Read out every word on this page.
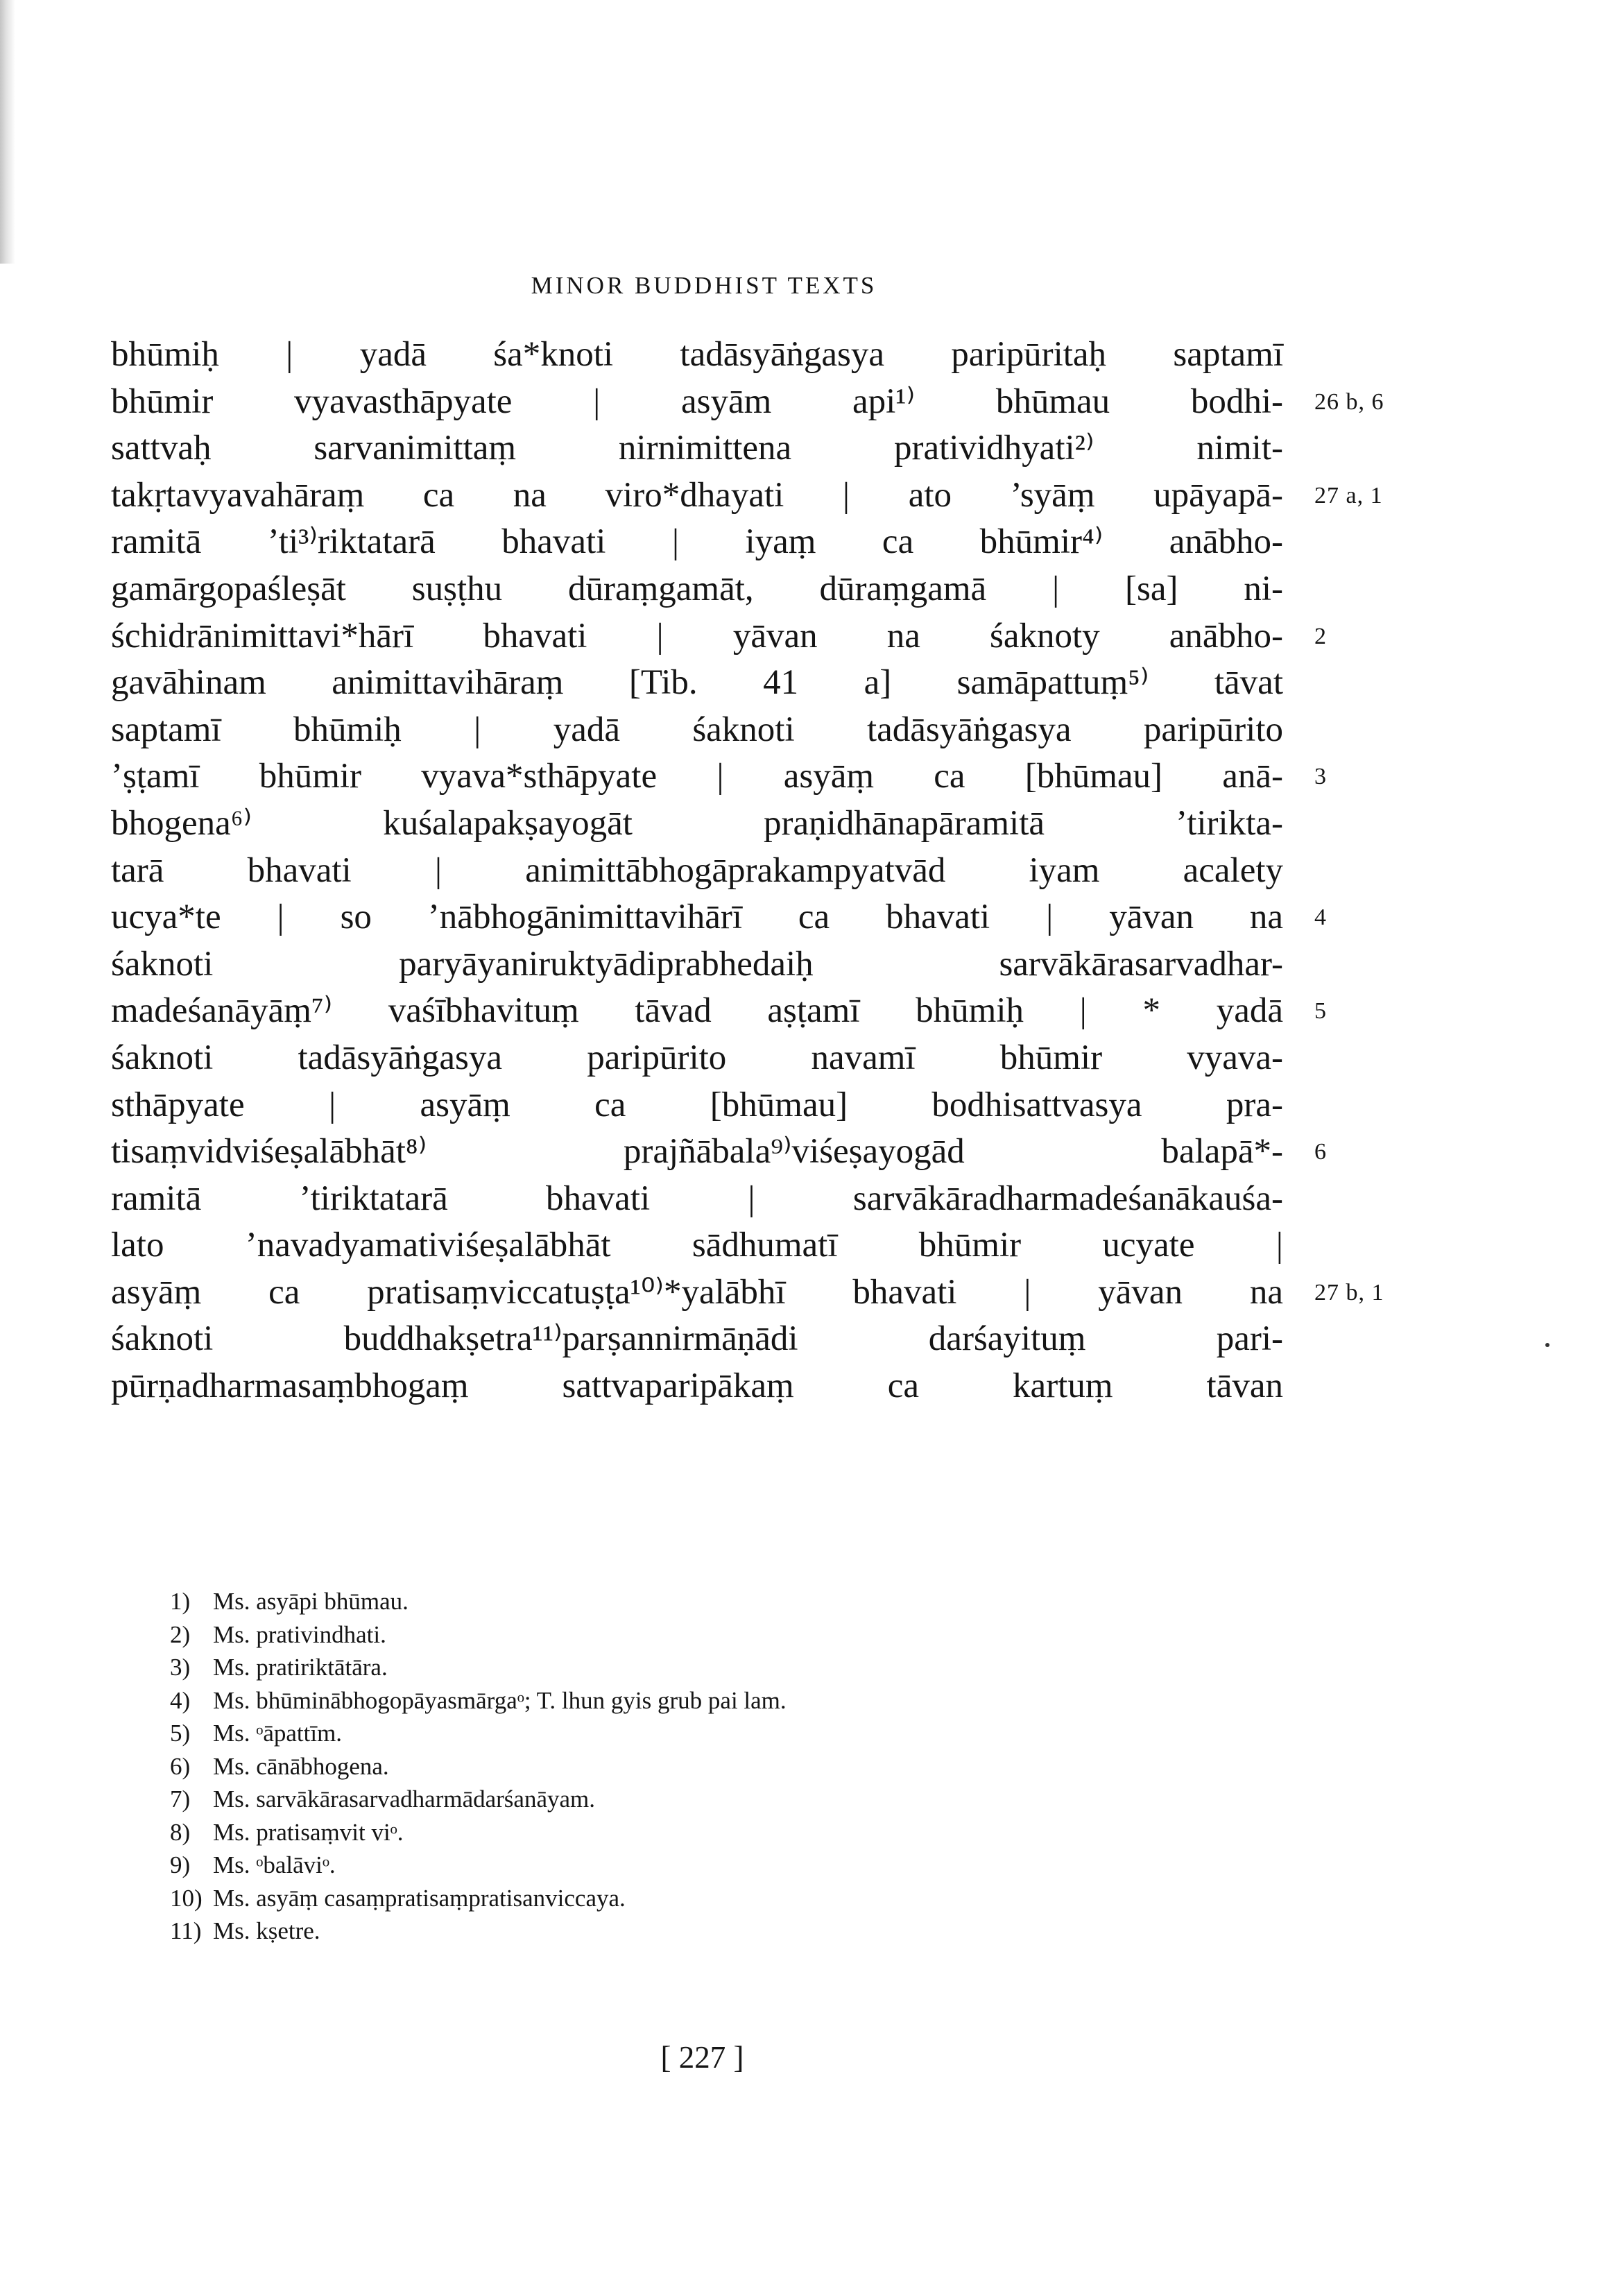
MINOR BUDDHIST TEXTS
bhūmiḥ | yadā śa*knoti tadāsyāṅgasya paripūritaḥ saptamī
bhūmir vyavasthāpyate | asyām api¹⁾ bhūmau bodhi- 26 b, 6
sattvaḥ sarvanimittaṃ nirnimittena pratividhyati²⁾ nimit-
takṛtavyavahāraṃ ca na viro*dhayati | ato ’syāṃ upāyapā- 27 a, 1
ramitā ’ti³⁾riktatarā bhavati | iyaṃ ca bhūmir⁴⁾ anābho-
gamārgopaśleṣāt suṣṭhu dūraṃgamāt, dūraṃgamā | [sa] ni-
śchidrānimittavi*hārī bhavati | yāvan na śaknoty anābho- 2
gavāhinam animittavihāraṃ [Tib. 41 a] samāpattuṃ⁵⁾ tāvat
saptamī bhūmiḥ | yadā śaknoti tadāsyāṅgasya paripūrito
’ṣṭamī bhūmir vyava*sthāpyate | asyāṃ ca [bhūmau] anā- 3
bhogena⁶⁾ kuśalapakṣayogāt praṇidhānapāramitā ’tirikta-
tarā bhavati | animittābhogāprakampyatvād iyam acalety
ucya*te | so ’nābhogānimittavihārī ca bhavati | yāvan na 4
śaknoti paryāyaniruktyādiprabhedaiḥ sarvākārasarvadhar-
madeśanāyāṃ⁷⁾ vaśībhavituṃ tāvad aṣṭamī bhūmiḥ | * yadā 5
śaknoti tadāsyāṅgasya paripūrito navamī bhūmir vyava-
sthāpyate | asyāṃ ca [bhūmau] bodhisattvasya pra-
tisaṃvidviśeṣalābhāt⁸⁾ prajñābala⁹⁾viśeṣayogād balapā*- 6
ramitā ’tiriktatarā bhavati | sarvākāradharmadeśanākauśa-
lato ’navadyamativiśeṣalābhāt sādhumatī bhūmir ucyate |
asyāṃ ca pratisaṃviccatuṣṭa¹⁰⁾*yalābhī bhavati | yāvan na 27 b, 1
śaknoti buddhakṣetra¹¹⁾parṣannirmāṇādi darśayituṃ pari-
pūrṇadharmasaṃbhogaṃ sattvaparipākaṃ ca kartuṃ tāvan
1) Ms. asyāpi bhūmau.
2) Ms. prativindhati.
3) Ms. pratiriktātāra.
4) Ms. bhūminābhogopāyasmārgaᵒ; T. lhun gyis grub pai lam.
5) Ms. ᵒāpattīm.
6) Ms. cānābhogena.
7) Ms. sarvākārasarvadharmādarśanāyam.
8) Ms. pratisaṃvit viᵒ.
9) Ms. ᵒbalāviᵒ.
10) Ms. asyāṃ casaṃpratisaṃpratisanviccaya.
11) Ms. kṣetre.
[ 227 ]
